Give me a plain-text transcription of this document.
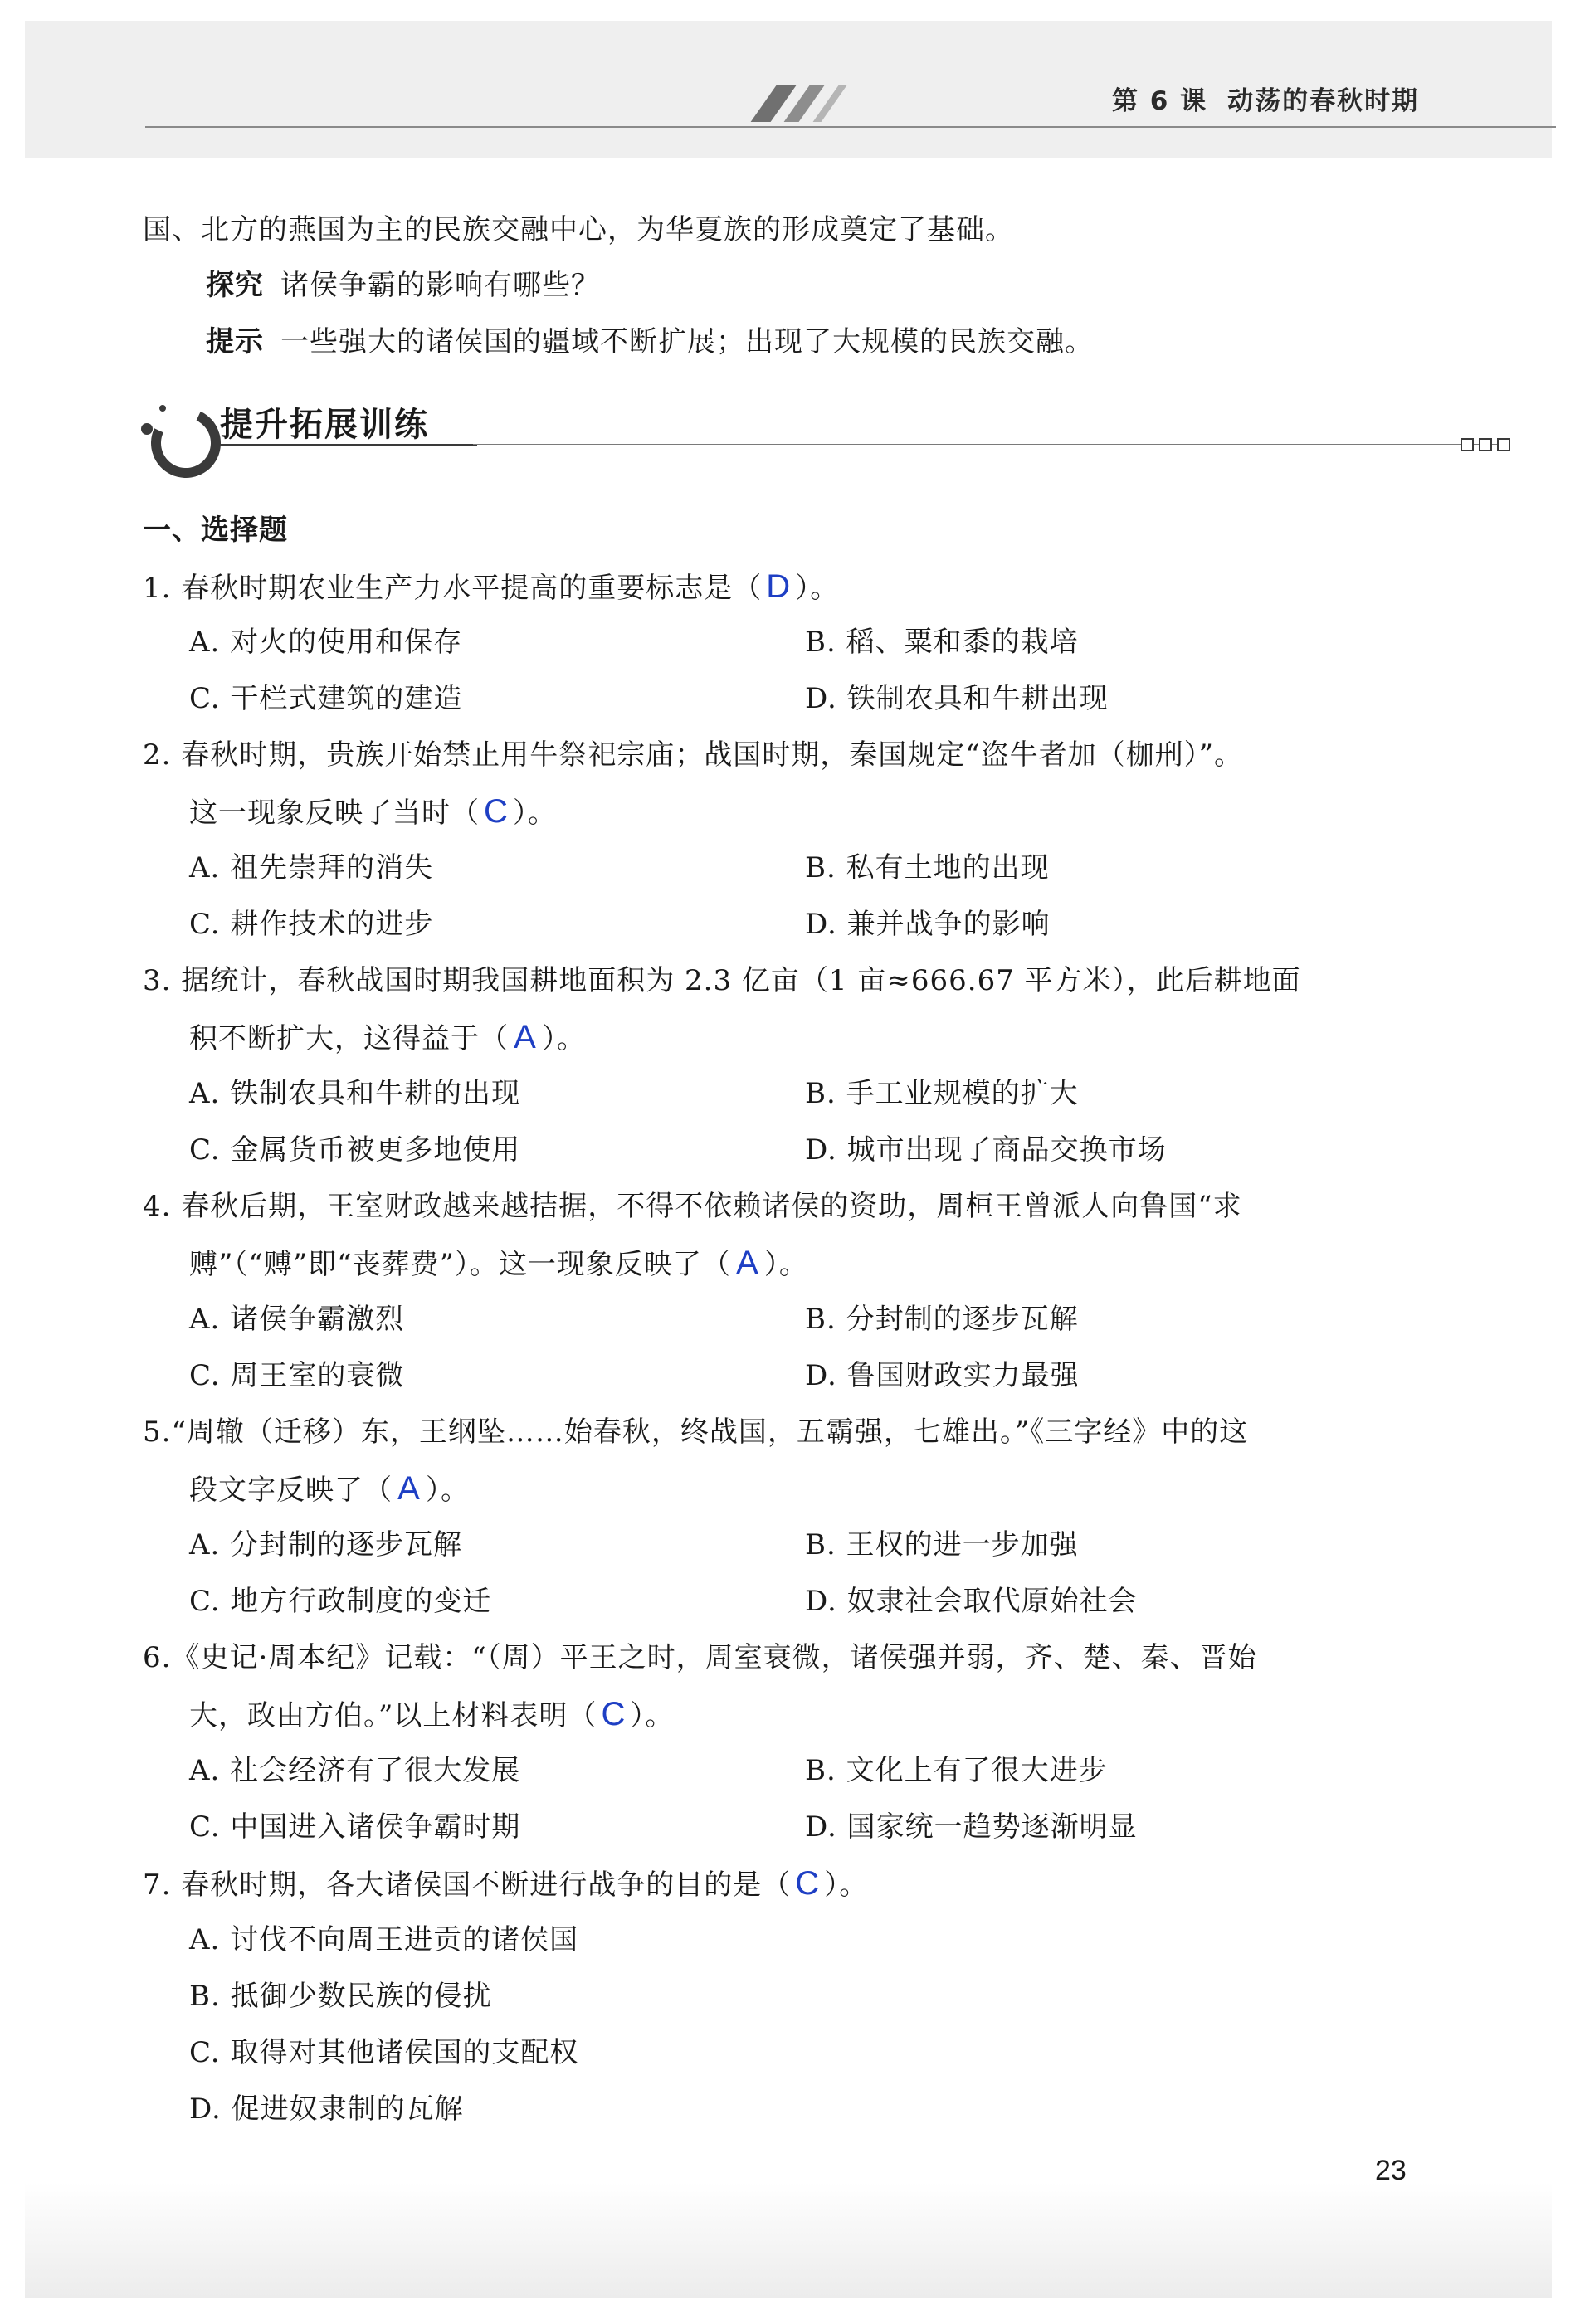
第 6 课 动荡的春秋时期
国、北方的燕国为主的民族交融中心，为华夏族的形成奠定了基础。
探究 诸侯争霸的影响有哪些？
提示 一些强大的诸侯国的疆域不断扩展；出现了大规模的民族交融。
提升拓展训练
一、选择题
1. 春秋时期农业生产力水平提高的重要标志是（ D ）。
A. 对火的使用和保存	B. 稻、粟和黍的栽培
C. 干栏式建筑的建造	D. 铁制农具和牛耕出现
2. 春秋时期，贵族开始禁止用牛祭祀宗庙；战国时期，秦国规定“盗牛者加（枷刑）”。
这一现象反映了当时（ C ）。
A. 祖先崇拜的消失	B. 私有土地的出现
C. 耕作技术的进步	D. 兼并战争的影响
3. 据统计，春秋战国时期我国耕地面积为 2.3 亿亩（1 亩≈666.67 平方米），此后耕地面
积不断扩大，这得益于（ A ）。
A. 铁制农具和牛耕的出现	B. 手工业规模的扩大
C. 金属货币被更多地使用	D. 城市出现了商品交换市场
4. 春秋后期，王室财政越来越拮据，不得不依赖诸侯的资助，周桓王曾派人向鲁国“求
赙”（“赙”即“丧葬费”）。这一现象反映了（ A ）。
A. 诸侯争霸激烈	B. 分封制的逐步瓦解
C. 周王室的衰微	D. 鲁国财政实力最强
5.“周辙（迁移）东，王纲坠……始春秋，终战国，五霸强，七雄出。”《三字经》中的这
段文字反映了（ A ）。
A. 分封制的逐步瓦解	B. 王权的进一步加强
C. 地方行政制度的变迁	D. 奴隶社会取代原始社会
6.《史记·周本纪》记载：“（周）平王之时，周室衰微，诸侯强并弱，齐、楚、秦、晋始
大，政由方伯。”以上材料表明（ C ）。
A. 社会经济有了很大发展	B. 文化上有了很大进步
C. 中国进入诸侯争霸时期	D. 国家统一趋势逐渐明显
7. 春秋时期，各大诸侯国不断进行战争的目的是（ C ）。
A. 讨伐不向周王进贡的诸侯国
B. 抵御少数民族的侵扰
C. 取得对其他诸侯国的支配权
D. 促进奴隶制的瓦解
23
